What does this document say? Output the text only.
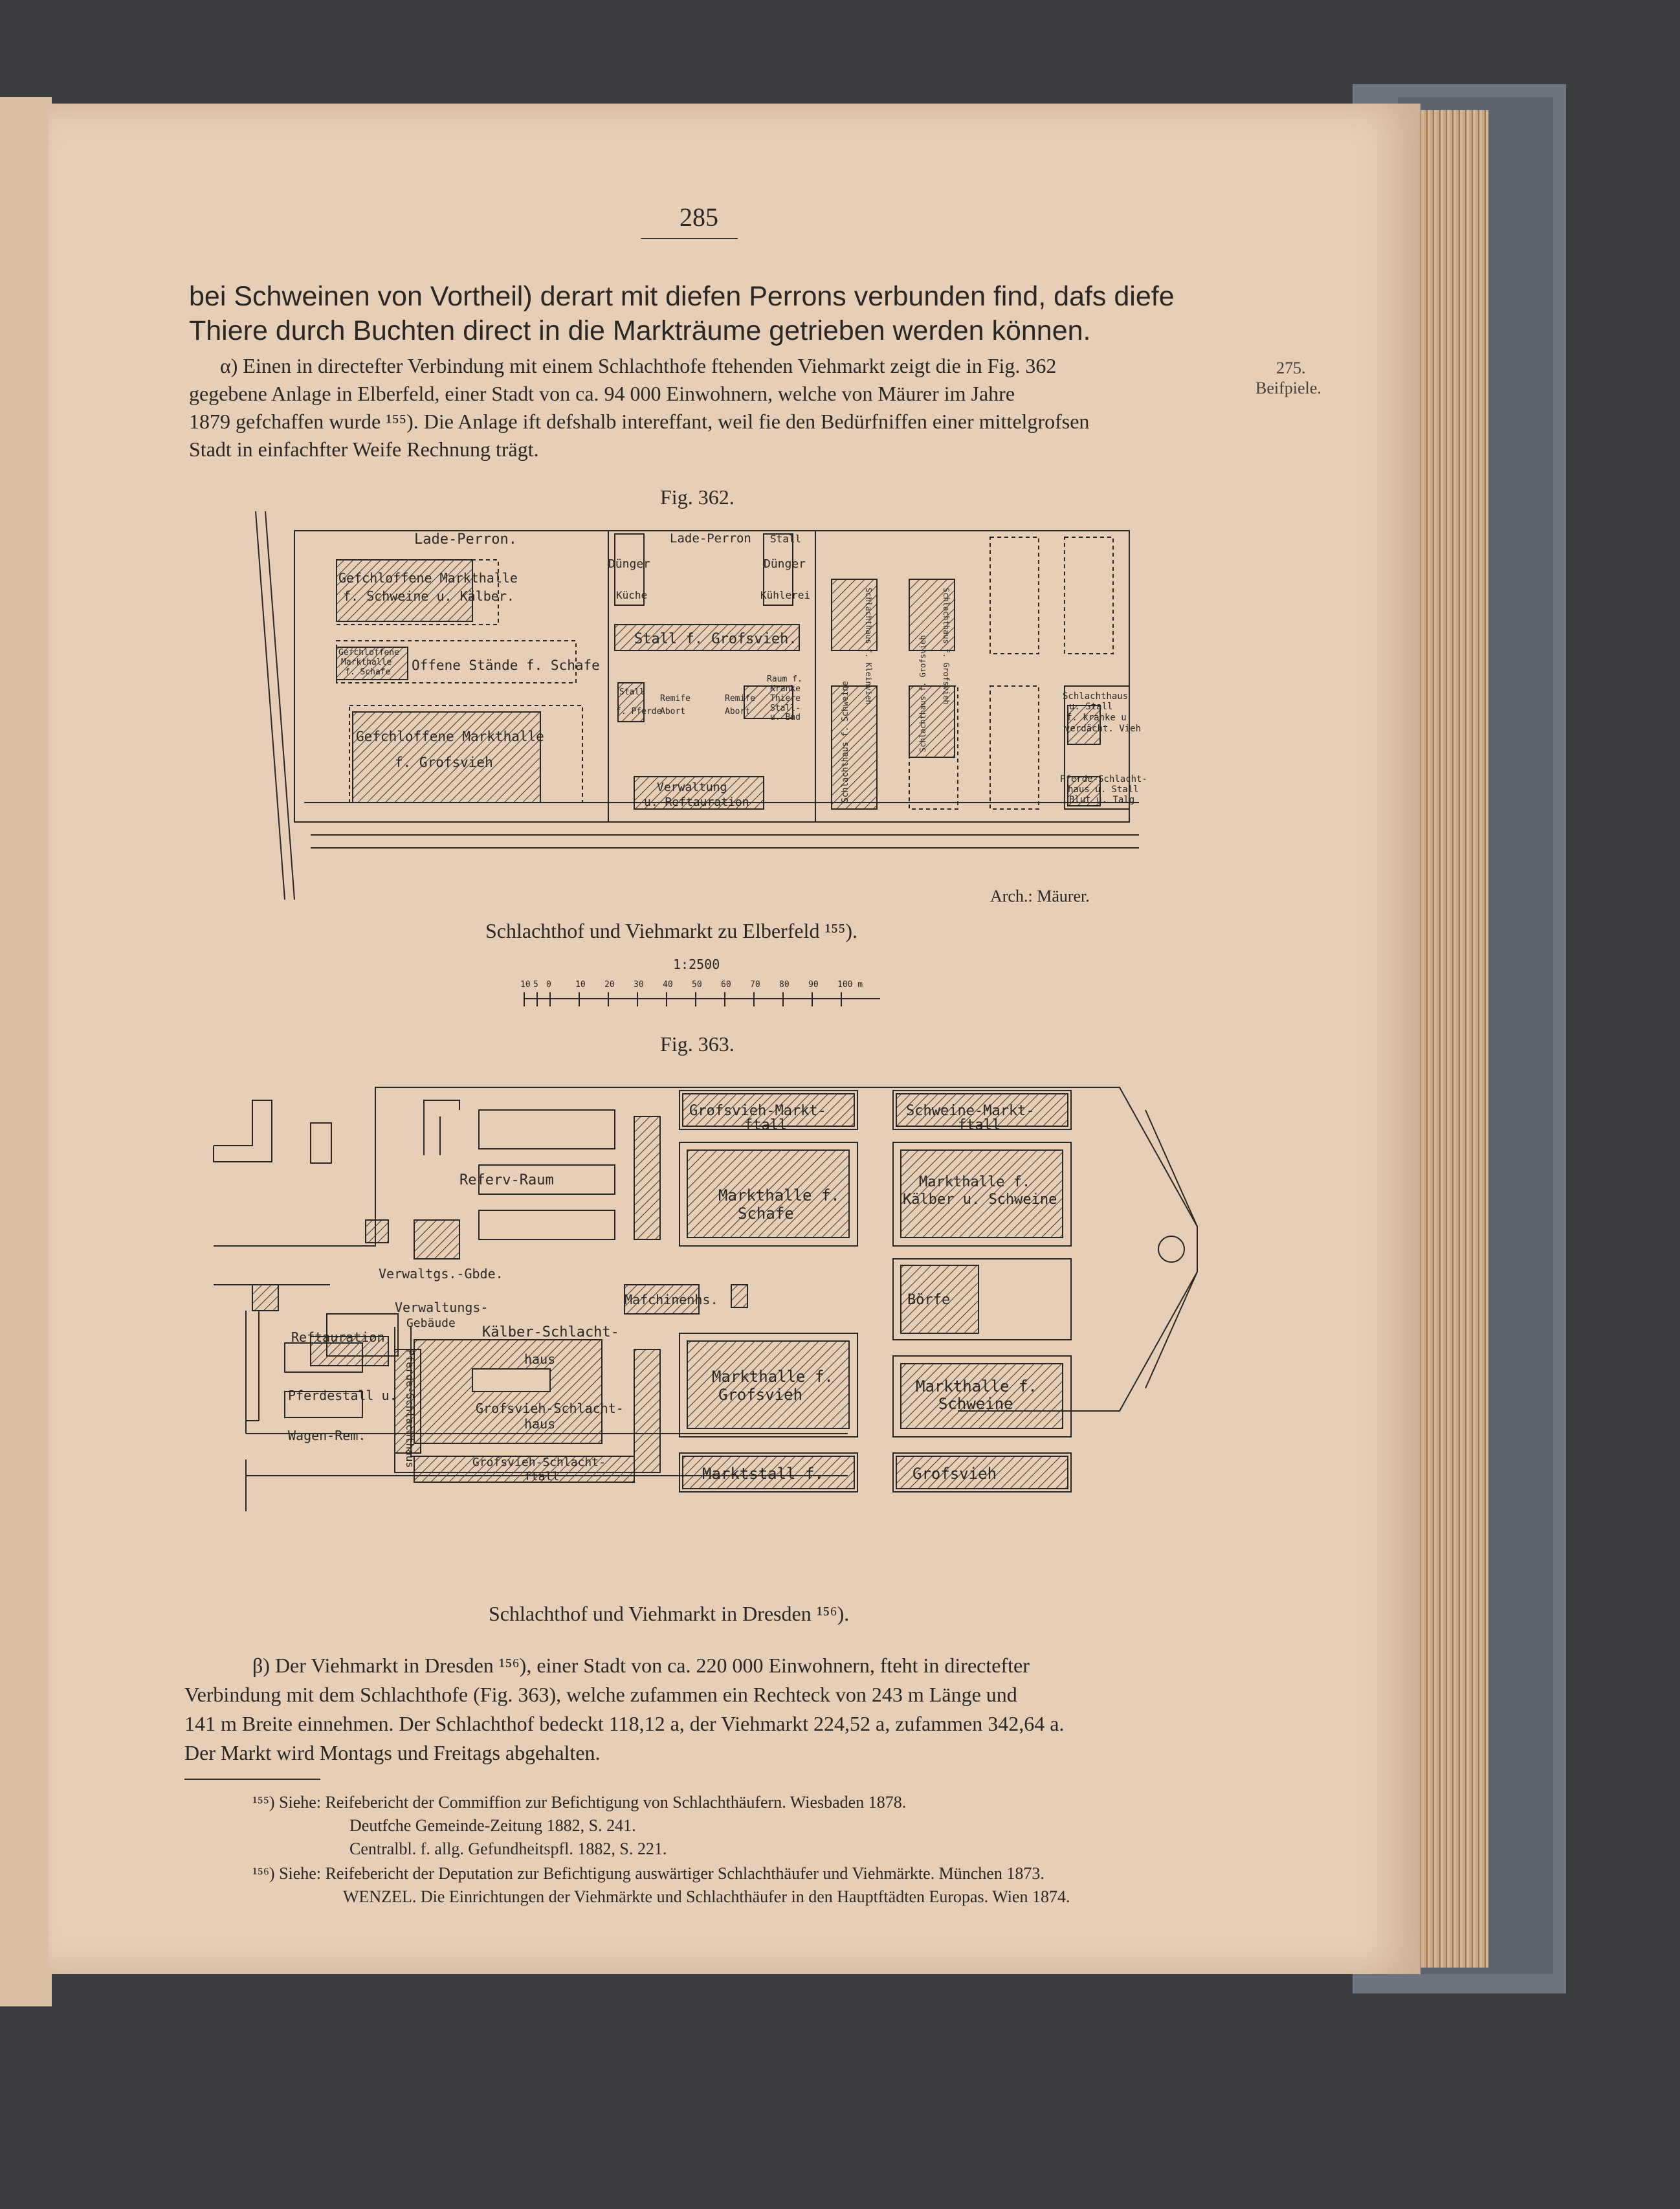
285
bei Schweinen von Vortheil) derart mit diefen Perrons verbunden find, dafs diefe
Thiere durch Buchten direct in die Markträume getrieben werden können.
275.
Beifpiele.
α) Einen in directefter Verbindung mit einem Schlachthofe ftehenden Viehmarkt zeigt die in Fig. 362
gegebene Anlage in Elberfeld, einer Stadt von ca. 94 000 Einwohnern, welche von Mäurer im Jahre
1879 gefchaffen wurde ¹⁵⁵). Die Anlage ift defshalb intereffant, weil fie den Bedürfniffen einer mittelgrofsen
Stadt in einfachfter Weife Rechnung trägt.
Fig. 362.
Lade-Perron.	Lade-Perron Stall
Dünger	Dünger
Küche	Kühlerei
Gefchloffene Markthalle
f. Schweine u. Kälber.
Stall f. Grofsvieh.
Gefchloffene
Markthalle
f. Schafe Offene Stände f. Schafe
Gefchloffene Markthalle
f. Grofsvieh
Stall
f. Pferde
Remife
Abort
Remife
Abort
Raum f.
Kranke
Thiere
Stall-
u. Bad
Schlachthaus
u. Stall
f. kranke u.
verdächt. Vieh
Pferde-Schlacht-
haus u. Stall
Blut u. Talg
Verwaltung
u. Reftauration
Schlachthaus f. Kleinvieh	Schlachthaus f. Grofsvieh
Schlachthaus f. Schweine	Schlachthaus f. Grofsvieh
Arch.: Mäurer.
Schlachthof und Viehmarkt zu Elberfeld ¹⁵⁵).
1:2500
10 5 0	10 20 30 40 50 60 70 80 90 100 m
Fig. 363.
Grofsvieh-Markt-
ftall
Schweine-Markt-
ftall
Referv-Raum
Markthalle f.
Schafe
Markthalle f.
Kälber u. Schweine
Verwaltgs.-Gbde.
Mafchinenhs.	Börfe
Verwaltungs-
Gebäude
Reftauration	Kälber-Schlacht-
haus
Grofsvieh-Schlacht-
haus
Markthalle f.
Grofsvieh	Markthalle f.
Schweine
Pferdestall u.
Wagen-Rem.	Pferde-Schlachthaus	Grofsvieh-Schlacht-
ftall	Marktstall f.	Grofsvieh
Schlachthof und Viehmarkt in Dresden ¹⁵⁶).
β) Der Viehmarkt in Dresden ¹⁵⁶), einer Stadt von ca. 220 000 Einwohnern, fteht in directefter
Verbindung mit dem Schlachthofe (Fig. 363), welche zufammen ein Rechteck von 243 m Länge und
141 m Breite einnehmen. Der Schlachthof bedeckt 118,12 a, der Viehmarkt 224,52 a, zufammen 342,64 a.
Der Markt wird Montags und Freitags abgehalten.
¹⁵⁵) Siehe: Reifebericht der Commiffion zur Befichtigung von Schlachthäufern. Wiesbaden 1878.
Deutfche Gemeinde-Zeitung 1882, S. 241.
Centralbl. f. allg. Gefundheitspfl. 1882, S. 221.
¹⁵⁶) Siehe: Reifebericht der Deputation zur Befichtigung auswärtiger Schlachthäufer und Viehmärkte. München 1873.
WENZEL. Die Einrichtungen der Viehmärkte und Schlachthäufer in den Hauptftädten Europas. Wien 1874.
